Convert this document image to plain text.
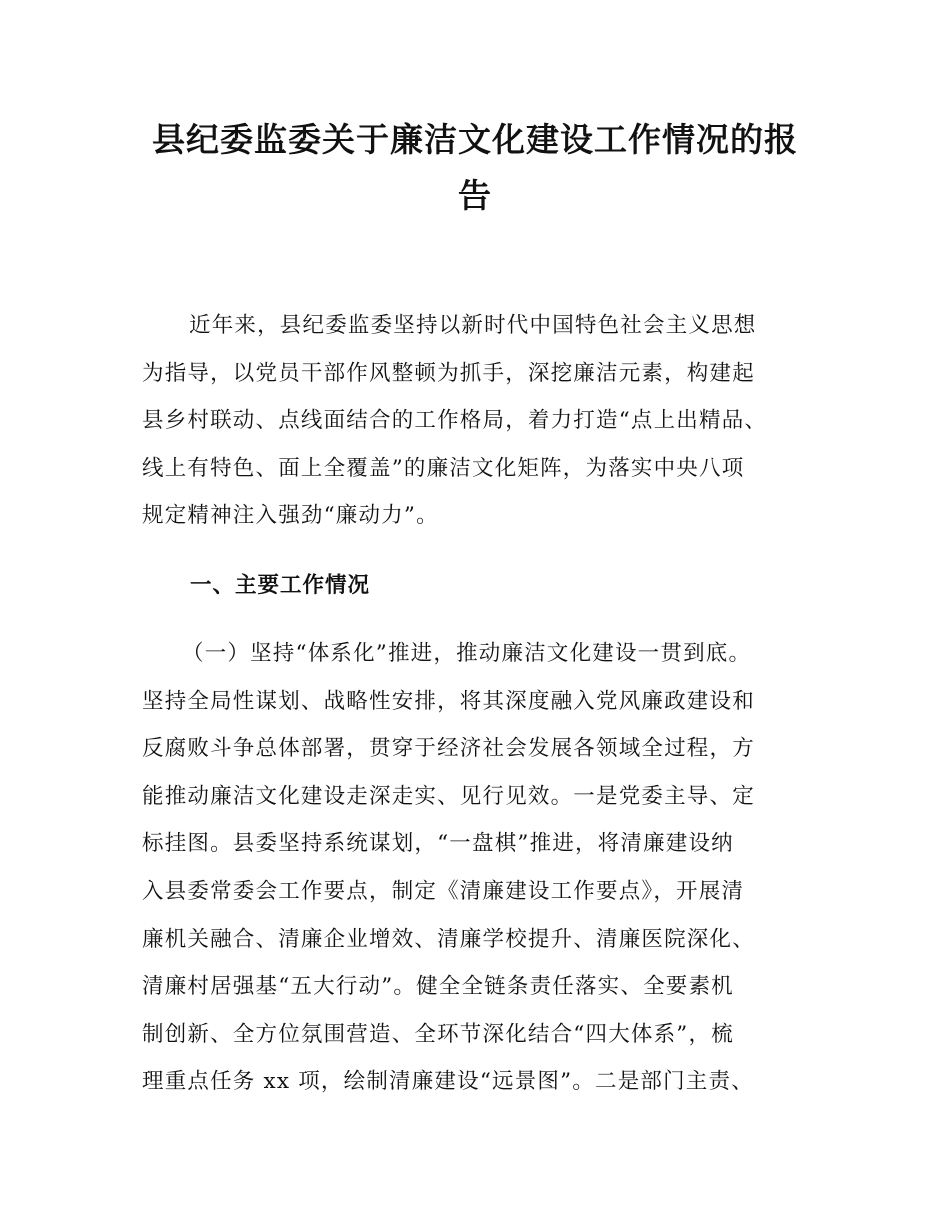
县纪委监委关于廉洁文化建设工作情况的报
告
近年来，县纪委监委坚持以新时代中国特色社会主义思想
为指导，以党员干部作风整顿为抓手，深挖廉洁元素，构建起
县乡村联动、点线面结合的工作格局，着力打造“点上出精品、
线上有特色、面上全覆盖”的廉洁文化矩阵，为落实中央八项
规定精神注入强劲“廉动力”。
一、主要工作情况
（一）坚持“体系化”推进，推动廉洁文化建设一贯到底。
坚持全局性谋划、战略性安排，将其深度融入党风廉政建设和
反腐败斗争总体部署，贯穿于经济社会发展各领域全过程，方
能推动廉洁文化建设走深走实、见行见效。一是党委主导、定
标挂图。县委坚持系统谋划，“一盘棋”推进，将清廉建设纳
入县委常委会工作要点，制定《清廉建设工作要点》，开展清
廉机关融合、清廉企业增效、清廉学校提升、清廉医院深化、
清廉村居强基“五大行动”。健全全链条责任落实、全要素机
制创新、全方位氛围营造、全环节深化结合“四大体系”，梳
理重点任务 xx 项，绘制清廉建设“远景图”。二是部门主责、
